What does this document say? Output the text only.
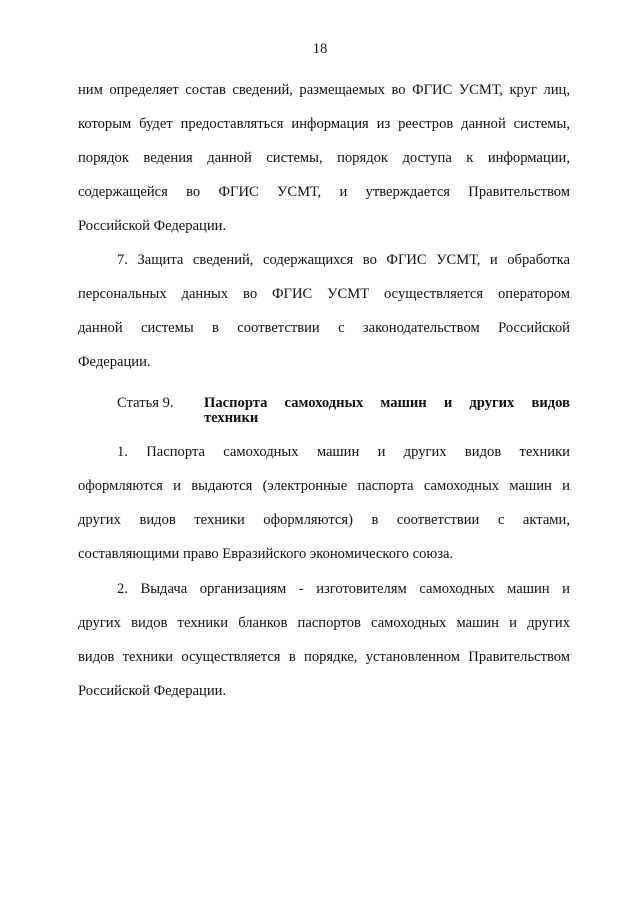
18
ним определяет состав сведений, размещаемых во ФГИС УСМТ, круг лиц,
которым будет предоставляться информация из реестров данной системы,
порядок ведения данной системы, порядок доступа к информации,
содержащейся во ФГИС УСМТ, и утверждается Правительством
Российской Федерации.
7. Защита сведений, содержащихся во ФГИС УСМТ, и обработка
персональных данных во ФГИС УСМТ осуществляется оператором
данной системы в соответствии с законодательством Российской
Федерации.
Статья 9. Паспорта самоходных машин и других видов
техники
1. Паспорта самоходных машин и других видов техники
оформляются и выдаются (электронные паспорта самоходных машин и
других видов техники оформляются) в соответствии с актами,
составляющими право Евразийского экономического союза.
2. Выдача организациям - изготовителям самоходных машин и
других видов техники бланков паспортов самоходных машин и других
видов техники осуществляется в порядке, установленном Правительством
Российской Федерации.
